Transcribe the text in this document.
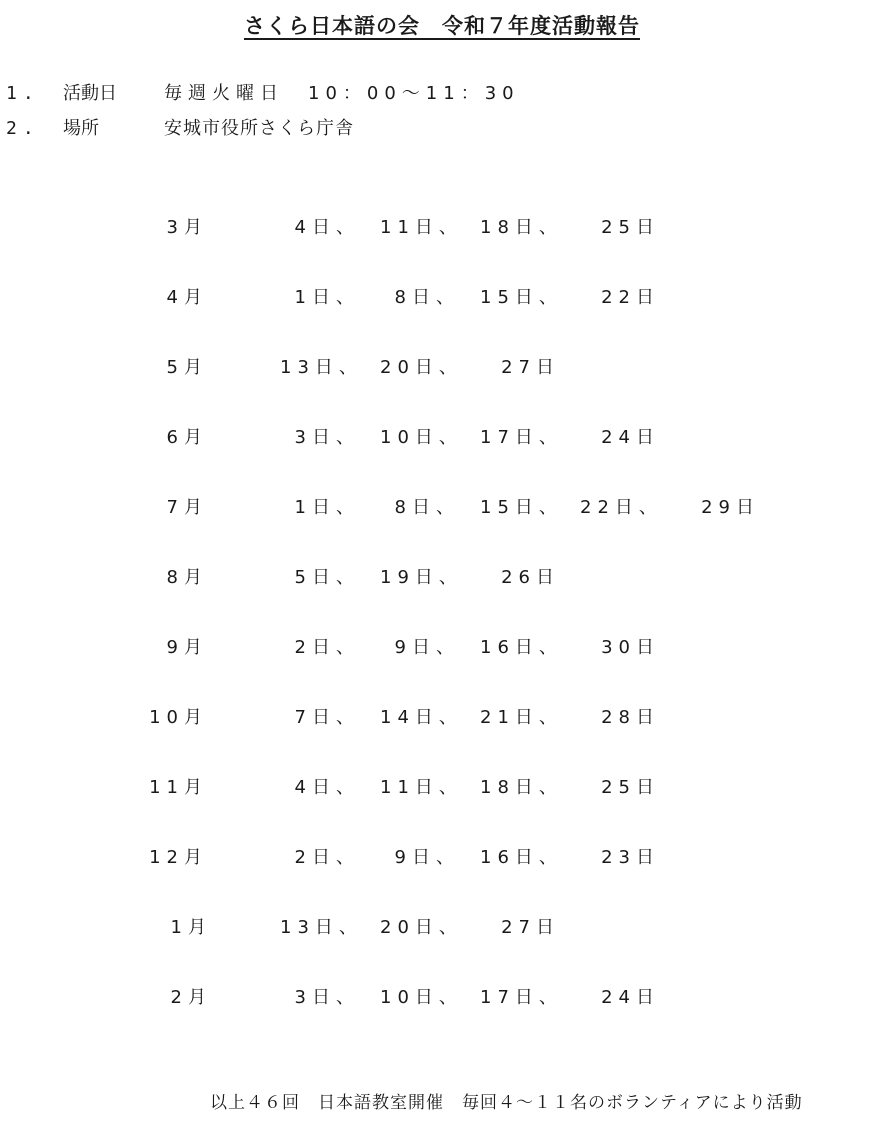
さくら日本語の会　令和７年度活動報告
1. 活動日	毎週火曜日　10：00～11：30
2. 場所	安城市役所さくら庁舎
3月	4日、 11日、 18日、	25日
4月	1日、	8日、 15日、	22日
5月	13日、 20日、	27日
6月	3日、 10日、 17日、	24日
7月	1日、	8日、 15日、 22日、	29日
8月	5日、 19日、	26日
9月	2日、	9日、 16日、	30日
10月	7日、 14日、 21日、	28日
11月	4日、 11日、 18日、	25日
12月	2日、	9日、 16日、	23日
1月	13日、 20日、	27日
2月	3日、 10日、 17日、	24日
以上４６回　日本語教室開催　毎回４～１１名のボランティアにより活動
